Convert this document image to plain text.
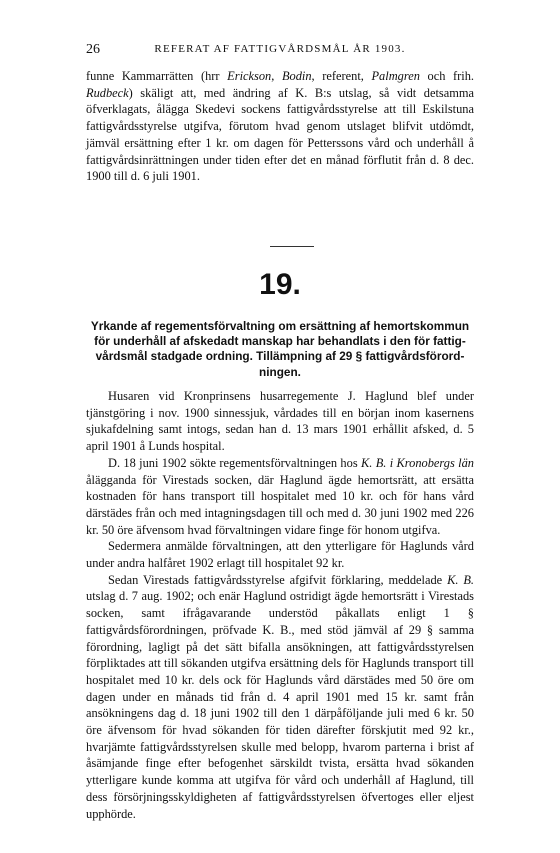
26	REFERAT AF FATTIGVÅRDSMÅL ÅR 1903.

funne Kammarrätten (hrr Erickson, Bodin, referent, Palmgren och frih. Rudbeck) skäligt att, med ändring af K. B:s utslag, så vidt detsamma öfverklagats, ålägga Skedevi sockens fattigvårdsstyrelse att till Eskilstuna fattigvårdsstyrelse utgifva, förutom hvad genom utslaget blifvit utdömdt, jämväl ersättning efter 1 kr. om dagen för Petterssons vård och underhåll å fattigvårdsinrättningen under tiden efter det en månad förflutit från d. 8 dec. 1900 till d. 6 juli 1901.

19.
Yrkande af regementsförvaltning om ersättning af hemortskommun
för underhåll af afskedadt manskap har behandlats i den för fattig-
vårdsmål stadgade ordning. Tillämpning af 29 § fattigvårdsförord-
ningen.

Husaren vid Kronprinsens husarregemente J. Haglund blef under tjänstgöring i nov. 1900 sinnessjuk, vårdades till en början inom kasernens sjukafdelning samt intogs, sedan han d. 13 mars 1901 erhållit afsked, d. 5 april 1901 å Lunds hospital.

D. 18 juni 1902 sökte regementsförvaltningen hos K. B. i Kronobergs län ålägganda för Virestads socken, där Haglund ägde hemortsrätt, att ersätta kostnaden för hans transport till hospitalet med 10 kr. och för hans vård därstädes från och med intagningsdagen till och med d. 30 juni 1902 med 226 kr. 50 öre äfvensom hvad förvaltningen vidare finge för honom utgifva.

Sedermera anmälde förvaltningen, att den ytterligare för Haglunds vård under andra halfåret 1902 erlagt till hospitalet 92 kr.

Sedan Virestads fattigvårdsstyrelse afgifvit förklaring, meddelade K. B. utslag d. 7 aug. 1902; och enär Haglund ostridigt ägde hemortsrätt i Virestads socken, samt ifrågavarande understöd påkallats enligt 1 § fattigvårdsförordningen, pröfvade K. B., med stöd jämväl af 29 § samma förordning, lagligt på det sätt bifalla ansökningen, att fattigvårdsstyrelsen förpliktades att till sökanden utgifva ersättning dels för Haglunds transport till hospitalet med 10 kr. dels ock för Haglunds vård därstädes med 50 öre om dagen under en månads tid från d. 4 april 1901 med 15 kr. samt från ansökningens dag d. 18 juni 1902 till den 1 därpåföljande juli med 6 kr. 50 öre äfvensom för hvad sökanden för tiden därefter förskjutit med 92 kr., hvarjämte fattigvårdsstyrelsen skulle med belopp, hvarom parterna i brist af åsämjande finge efter befogenhet särskildt tvista, ersätta hvad sökanden ytterligare kunde komma att utgifva för vård och underhåll af Haglund, till dess försörjningsskyldigheten af fattigvårdsstyrelsen öfvertoges eller eljest upphörde.
